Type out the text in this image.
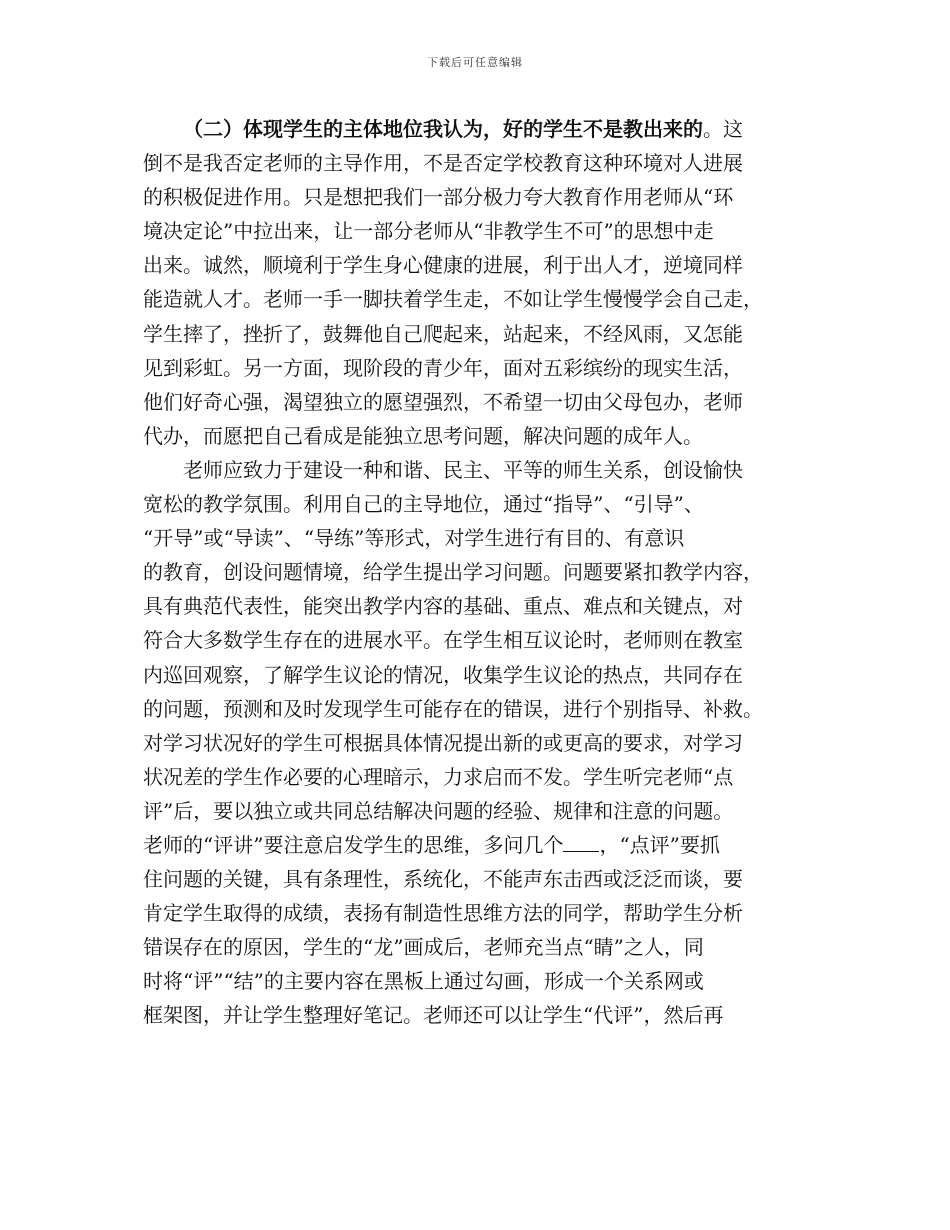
下载后可任意编辑
（二）体现学生的主体地位我认为，好的学生不是教出来的。这
倒不是我否定老师的主导作用，不是否定学校教育这种环境对人进展
的积极促进作用。只是想把我们一部分极力夸大教育作用老师从“环
境决定论”中拉出来，让一部分老师从“非教学生不可”的思想中走
出来。诚然，顺境利于学生身心健康的进展，利于出人才，逆境同样
能造就人才。老师一手一脚扶着学生走，不如让学生慢慢学会自己走，
学生摔了，挫折了，鼓舞他自己爬起来，站起来，不经风雨，又怎能
见到彩虹。另一方面，现阶段的青少年，面对五彩缤纷的现实生活，
他们好奇心强，渴望独立的愿望强烈，不希望一切由父母包办，老师
代办，而愿把自己看成是能独立思考问题，解决问题的成年人。
老师应致力于建设一种和谐、民主、平等的师生关系，创设愉快
宽松的教学氛围。利用自己的主导地位，通过“指导”、“引导”、
“开导”或“导读”、“导练”等形式，对学生进行有目的、有意识
的教育，创设问题情境，给学生提出学习问题。问题要紧扣教学内容，
具有典范代表性，能突出教学内容的基础、重点、难点和关键点，对
符合大多数学生存在的进展水平。在学生相互议论时，老师则在教室
内巡回观察，了解学生议论的情况，收集学生议论的热点，共同存在
的问题，预测和及时发现学生可能存在的错误，进行个别指导、补救。
对学习状况好的学生可根据具体情况提出新的或更高的要求，对学习
状况差的学生作必要的心理暗示，力求启而不发。学生听完老师“点
评”后，要以独立或共同总结解决问题的经验、规律和注意的问题。
老师的“评讲”要注意启发学生的思维，多问几个 ，“点评”要抓
住问题的关键，具有条理性，系统化，不能声东击西或泛泛而谈，要
肯定学生取得的成绩，表扬有制造性思维方法的同学，帮助学生分析
错误存在的原因，学生的“龙”画成后，老师充当点“睛”之人，同
时将“评”“结”的主要内容在黑板上通过勾画，形成一个关系网或
框架图，并让学生整理好笔记。老师还可以让学生“代评”，然后再
